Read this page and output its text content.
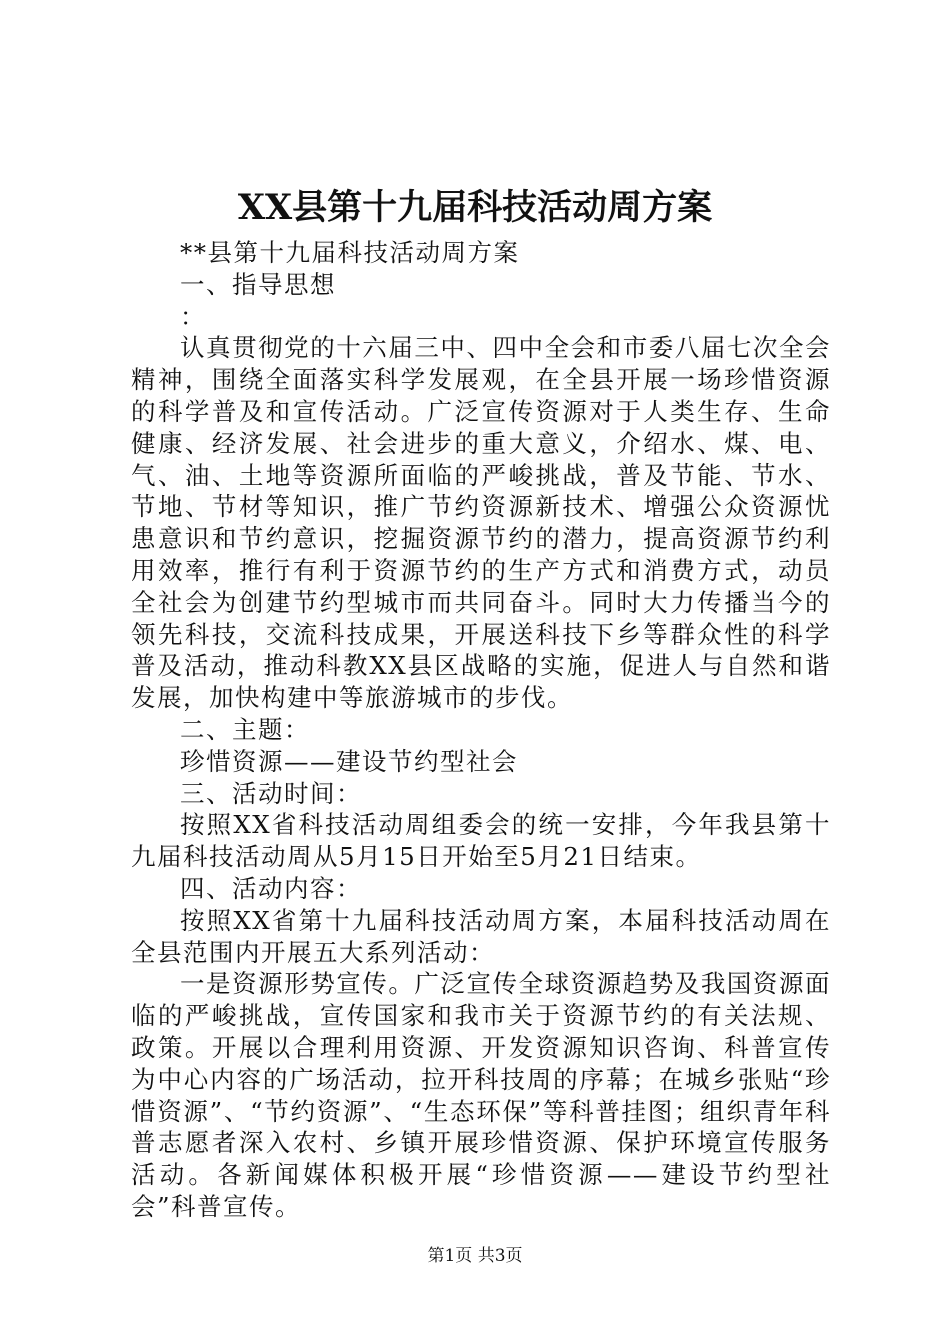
XX县第十九届科技活动周方案

**县第十九届科技活动周方案

一、指导思想

：

认真贯彻党的十六届三中、四中全会和市委八届七次全会精神，围绕全面落实科学发展观，在全县开展一场珍惜资源的科学普及和宣传活动。广泛宣传资源对于人类生存、生命健康、经济发展、社会进步的重大意义，介绍水、煤、电、气、油、土地等资源所面临的严峻挑战，普及节能、节水、节地、节材等知识，推广节约资源新技术、增强公众资源忧患意识和节约意识，挖掘资源节约的潜力，提高资源节约利用效率，推行有利于资源节约的生产方式和消费方式，动员全社会为创建节约型城市而共同奋斗。同时大力传播当今的领先科技，交流科技成果，开展送科技下乡等群众性的科学普及活动，推动科教XX县区战略的实施，促进人与自然和谐发展，加快构建中等旅游城市的步伐。

二、主题：

珍惜资源——建设节约型社会

三、活动时间：

按照XX省科技活动周组委会的统一安排，今年我县第十九届科技活动周从5月15日开始至5月21日结束。

四、活动内容：

按照XX省第十九届科技活动周方案，本届科技活动周在全县范围内开展五大系列活动：

一是资源形势宣传。广泛宣传全球资源趋势及我国资源面临的严峻挑战，宣传国家和我市关于资源节约的有关法规、政策。开展以合理利用资源、开发资源知识咨询、科普宣传为中心内容的广场活动，拉开科技周的序幕；在城乡张贴“珍惜资源”、“节约资源”、“生态环保”等科普挂图；组织青年科普志愿者深入农村、乡镇开展珍惜资源、保护环境宣传服务活动。各新闻媒体积极开展“珍惜资源——建设节约型社会”科普宣传。

第1页 共3页
